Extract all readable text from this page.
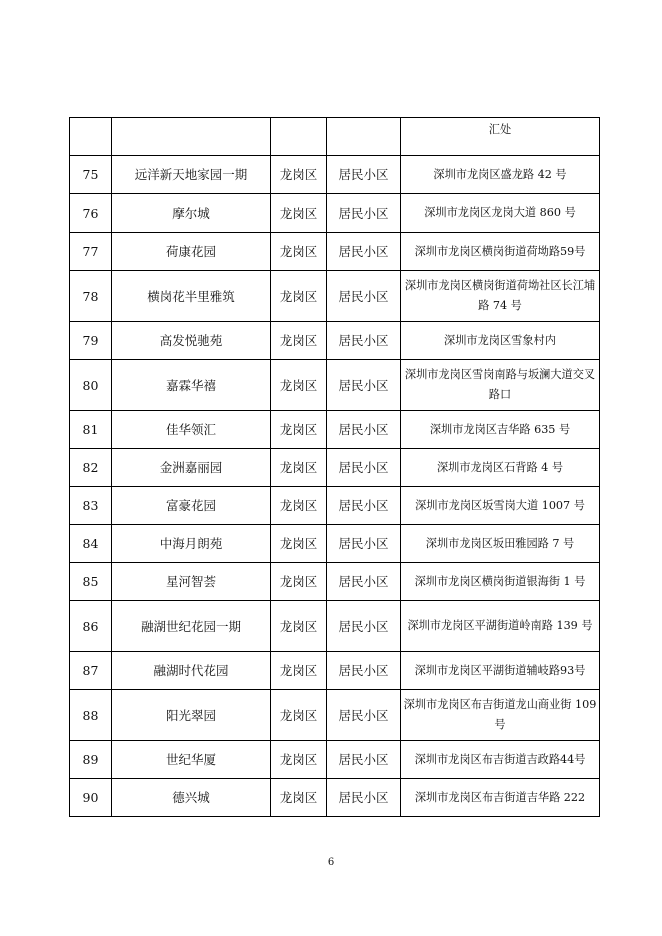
				汇处
75	远洋新天地家园一期	龙岗区	居民小区	深圳市龙岗区盛龙路 42 号
76	摩尔城	龙岗区	居民小区	深圳市龙岗区龙岗大道 860 号
77	荷康花园	龙岗区	居民小区	深圳市龙岗区横岗街道荷坳路59号
78	横岗花半里雅筑	龙岗区	居民小区	深圳市龙岗区横岗街道荷坳社区长江埔路 74 号
79	高发悦驰苑	龙岗区	居民小区	深圳市龙岗区雪象村内
80	嘉霖华禧	龙岗区	居民小区	深圳市龙岗区雪岗南路与坂澜大道交叉路口
81	佳华领汇	龙岗区	居民小区	深圳市龙岗区吉华路 635 号
82	金洲嘉丽园	龙岗区	居民小区	深圳市龙岗区石背路 4 号
83	富豪花园	龙岗区	居民小区	深圳市龙岗区坂雪岗大道 1007 号
84	中海月朗苑	龙岗区	居民小区	深圳市龙岗区坂田雅园路 7 号
85	星河智荟	龙岗区	居民小区	深圳市龙岗区横岗街道银海街 1 号
86	融湖世纪花园一期	龙岗区	居民小区	深圳市龙岗区平湖街道岭南路 139 号
87	融湖时代花园	龙岗区	居民小区	深圳市龙岗区平湖街道辅岐路93号
88	阳光翠园	龙岗区	居民小区	深圳市龙岗区布吉街道龙山商业街 109 号
89	世纪华厦	龙岗区	居民小区	深圳市龙岗区布吉街道吉政路44号
90	德兴城	龙岗区	居民小区	深圳市龙岗区布吉街道吉华路 222
6
